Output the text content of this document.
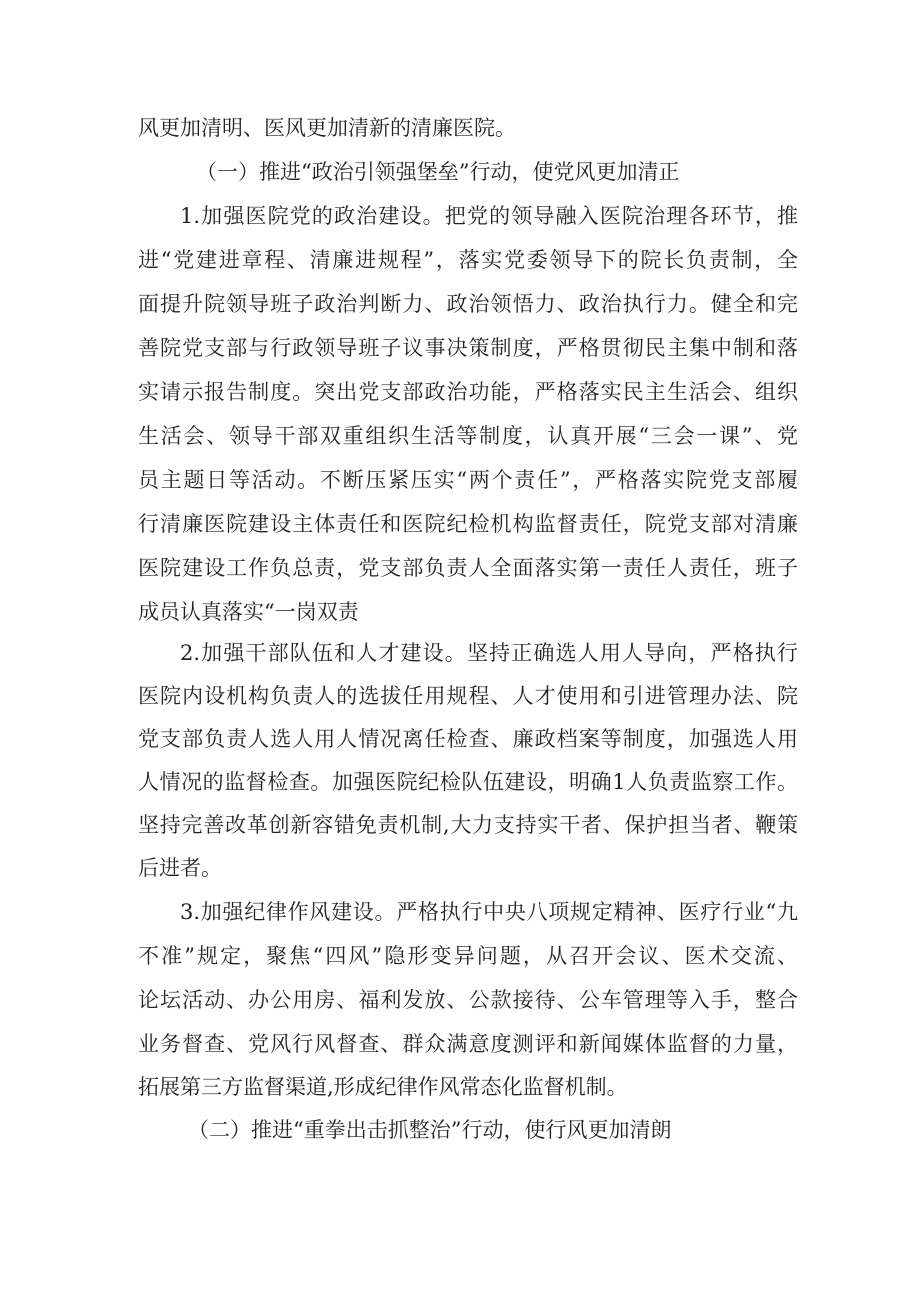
风更加清明、医风更加清新的清廉医院。
（一）推进“政治引领强堡垒”行动，使党风更加清正
1.加强医院党的政治建设。把党的领导融入医院治理各环节，推
进“党建进章程、清廉进规程”，落实党委领导下的院长负责制，全
面提升院领导班子政治判断力、政治领悟力、政治执行力。健全和完
善院党支部与行政领导班子议事决策制度，严格贯彻民主集中制和落
实请示报告制度。突出党支部政治功能，严格落实民主生活会、组织
生活会、领导干部双重组织生活等制度，认真开展“三会一课”、党
员主题日等活动。不断压紧压实“两个责任”，严格落实院党支部履
行清廉医院建设主体责任和医院纪检机构监督责任，院党支部对清廉
医院建设工作负总责，党支部负责人全面落实第一责任人责任，班子
成员认真落实“一岗双责
2.加强干部队伍和人才建设。坚持正确选人用人导向，严格执行
医院内设机构负责人的选拔任用规程、人才使用和引进管理办法、院
党支部负责人选人用人情况离任检查、廉政档案等制度，加强选人用
人情况的监督检查。加强医院纪检队伍建设，明确1人负责监察工作。
坚持完善改革创新容错免责机制,大力支持实干者、保护担当者、鞭策
后进者。
3.加强纪律作风建设。严格执行中央八项规定精神、医疗行业“九
不准”规定，聚焦“四风”隐形变异问题，从召开会议、医术交流、
论坛活动、办公用房、福利发放、公款接待、公车管理等入手，整合
业务督查、党风行风督查、群众满意度测评和新闻媒体监督的力量，
拓展第三方监督渠道,形成纪律作风常态化监督机制。
（二）推进“重拳出击抓整治”行动，使行风更加清朗
